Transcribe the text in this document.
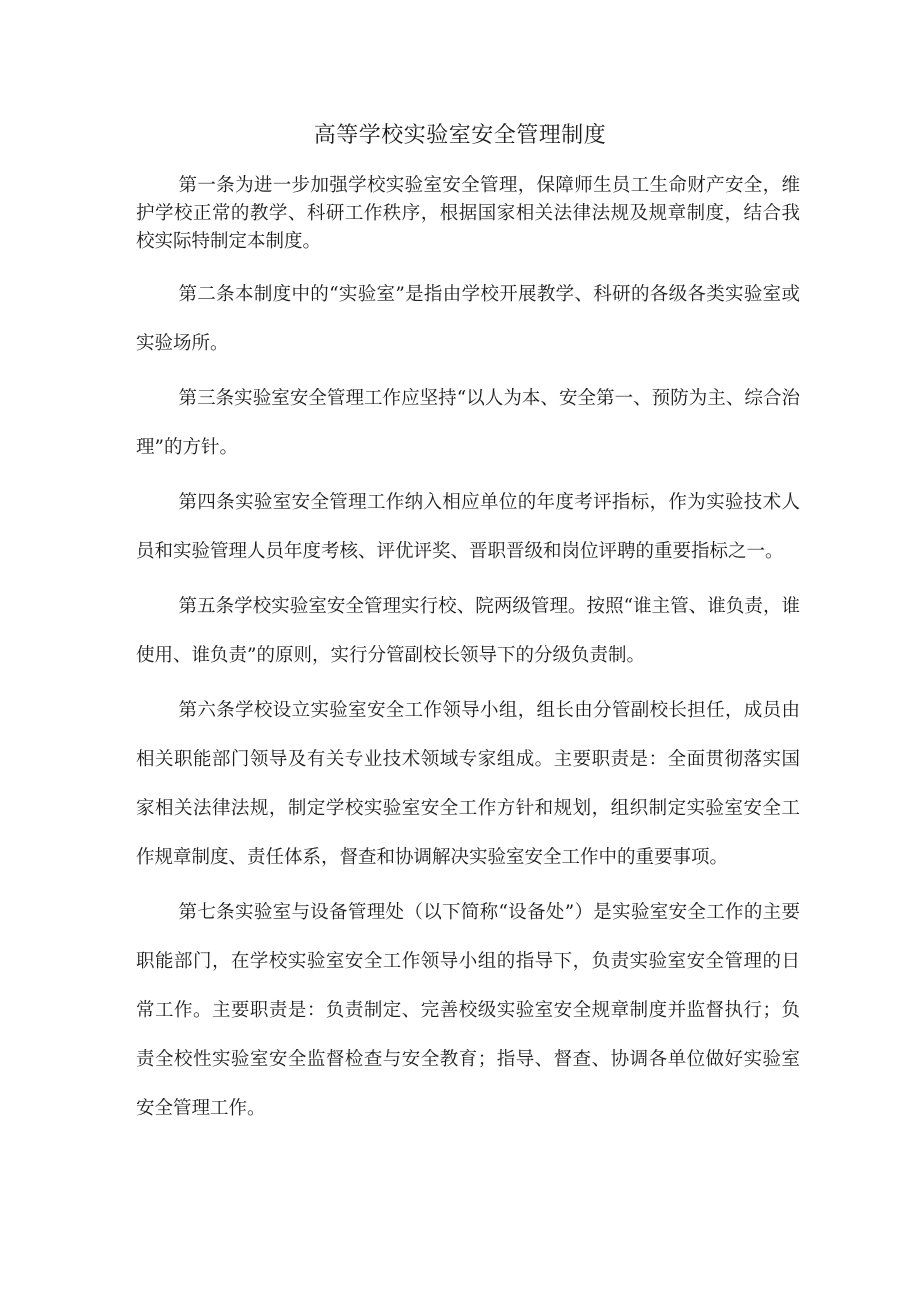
高等学校实验室安全管理制度

第一条为进一步加强学校实验室安全管理，保障师生员工生命财产安全，维护学校正常的教学、科研工作秩序，根据国家相关法律法规及规章制度，结合我校实际特制定本制度。

第二条本制度中的“实验室”是指由学校开展教学、科研的各级各类实验室或实验场所。

第三条实验室安全管理工作应坚持“以人为本、安全第一、预防为主、综合治理”的方针。

第四条实验室安全管理工作纳入相应单位的年度考评指标，作为实验技术人员和实验管理人员年度考核、评优评奖、晋职晋级和岗位评聘的重要指标之一。

第五条学校实验室安全管理实行校、院两级管理。按照“谁主管、谁负责，谁使用、谁负责”的原则，实行分管副校长领导下的分级负责制。

第六条学校设立实验室安全工作领导小组，组长由分管副校长担任，成员由相关职能部门领导及有关专业技术领域专家组成。主要职责是：全面贯彻落实国家相关法律法规，制定学校实验室安全工作方针和规划，组织制定实验室安全工作规章制度、责任体系，督查和协调解决实验室安全工作中的重要事项。

第七条实验室与设备管理处（以下简称“设备处”）是实验室安全工作的主要职能部门，在学校实验室安全工作领导小组的指导下，负责实验室安全管理的日常工作。主要职责是：负责制定、完善校级实验室安全规章制度并监督执行；负责全校性实验室安全监督检查与安全教育；指导、督查、协调各单位做好实验室安全管理工作。
